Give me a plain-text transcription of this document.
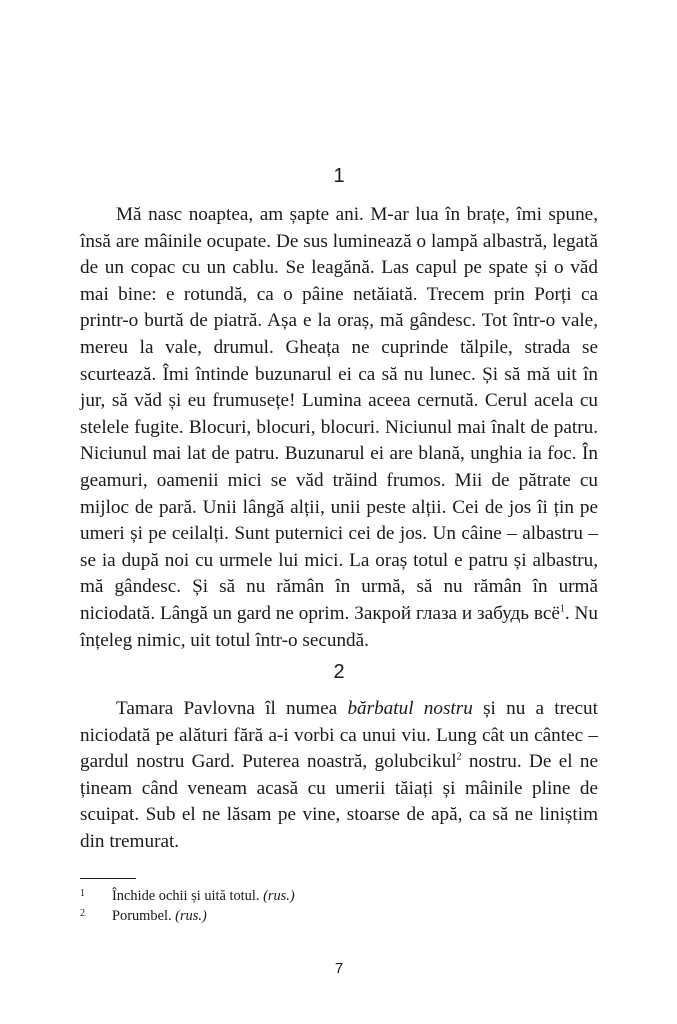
1

Mă nasc noaptea, am șapte ani. M-ar lua în brațe, îmi spune, însă are mâinile ocupate. De sus luminează o lampă albastră, legată de un copac cu un cablu. Se leagănă. Las capul pe spate și o văd mai bine: e rotundă, ca o pâine netăiată. Trecem prin Porți ca printr-o burtă de piatră. Așa e la oraș, mă gândesc. Tot într-o vale, mereu la vale, drumul. Gheața ne cuprinde tălpile, strada se scurtează. Îmi întinde buzunarul ei ca să nu lunec. Și să mă uit în jur, să văd și eu frumusețe! Lumina aceea cernută. Cerul acela cu stelele fugite. Blocuri, blocuri, blocuri. Niciunul mai înalt de patru. Niciunul mai lat de patru. Buzunarul ei are blană, unghia ia foc. În geamuri, oamenii mici se văd trăind frumos. Mii de pătrate cu mijloc de pară. Unii lângă alții, unii peste alții. Cei de jos îi țin pe umeri și pe ceilalți. Sunt puternici cei de jos. Un câine – albastru – se ia după noi cu urmele lui mici. La oraș totul e patru și albastru, mă gândesc. Și să nu rămân în urmă, să nu rămân în urmă niciodată. Lângă un gard ne oprim. Закрой глаза и забудь всё$^1$. Nu înțeleg nimic, uit totul într-o secundă.

2

Tamara Pavlovna îl numea bărbatul nostru și nu a trecut niciodată pe alături fără a-i vorbi ca unui viu. Lung cât un cântec – gardul nostru Gard. Puterea noastră, golubcikul$^2$ nostru. De el ne țineam când veneam acasă cu umerii tăiați și mâinile pline de scuipat. Sub el ne lăsam pe vine, stoarse de apă, ca să ne liniștim din tremurat.

1 Închide ochii și uită totul. (rus.)
2 Porumbel. (rus.)
7
